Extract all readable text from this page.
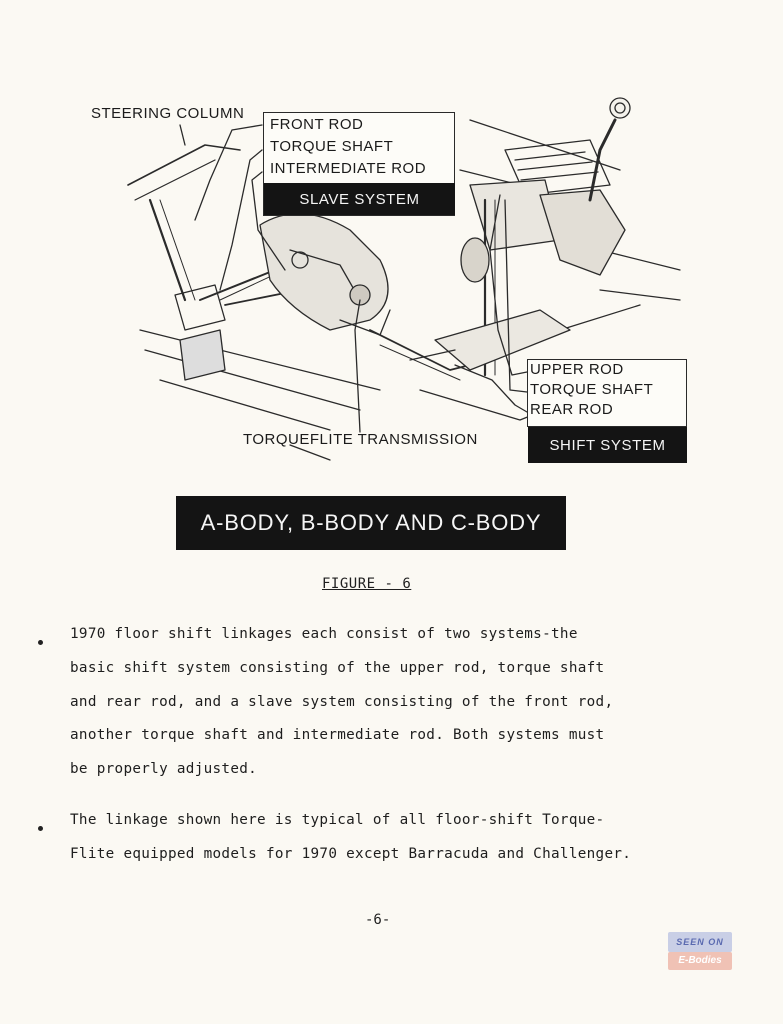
STEERING COLUMN
FRONT ROD
TORQUE SHAFT
INTERMEDIATE ROD
SLAVE SYSTEM
UPPER ROD
TORQUE SHAFT
REAR ROD
SHIFT SYSTEM
TORQUEFLITE TRANSMISSION
A-BODY, B-BODY AND C-BODY
FIGURE - 6
1970 floor shift linkages each consist of two systems-the
basic shift system consisting of the upper rod, torque shaft
and rear rod, and a slave system consisting of the front rod,
another torque shaft and intermediate rod. Both systems must
be properly adjusted.
The linkage shown here is typical of all floor-shift Torque-
Flite equipped models for 1970 except Barracuda and Challenger.
-6-
SEEN ON
E-Bodies
